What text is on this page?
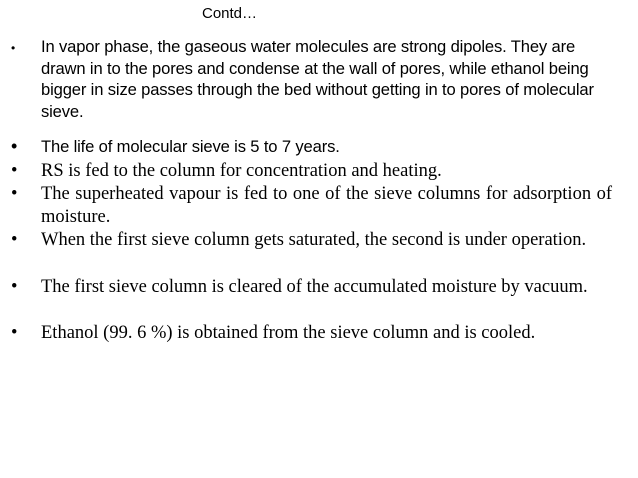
Contd…
•	In vapor phase, the gaseous water molecules are strong dipoles. They are drawn in to the pores and condense at the wall of pores, while ethanol being bigger in size passes through the bed without getting in to pores of molecular sieve.
•	The life of molecular sieve is 5 to 7 years.
•	RS is fed to the column for concentration and heating.
•	The superheated vapour is fed to one of the sieve columns for adsorption of moisture.
•	When the first sieve column gets saturated, the second is under operation.
•	The first sieve column is cleared of the accumulated moisture by vacuum.
•	Ethanol (99. 6 %) is obtained from the sieve column and is cooled.
